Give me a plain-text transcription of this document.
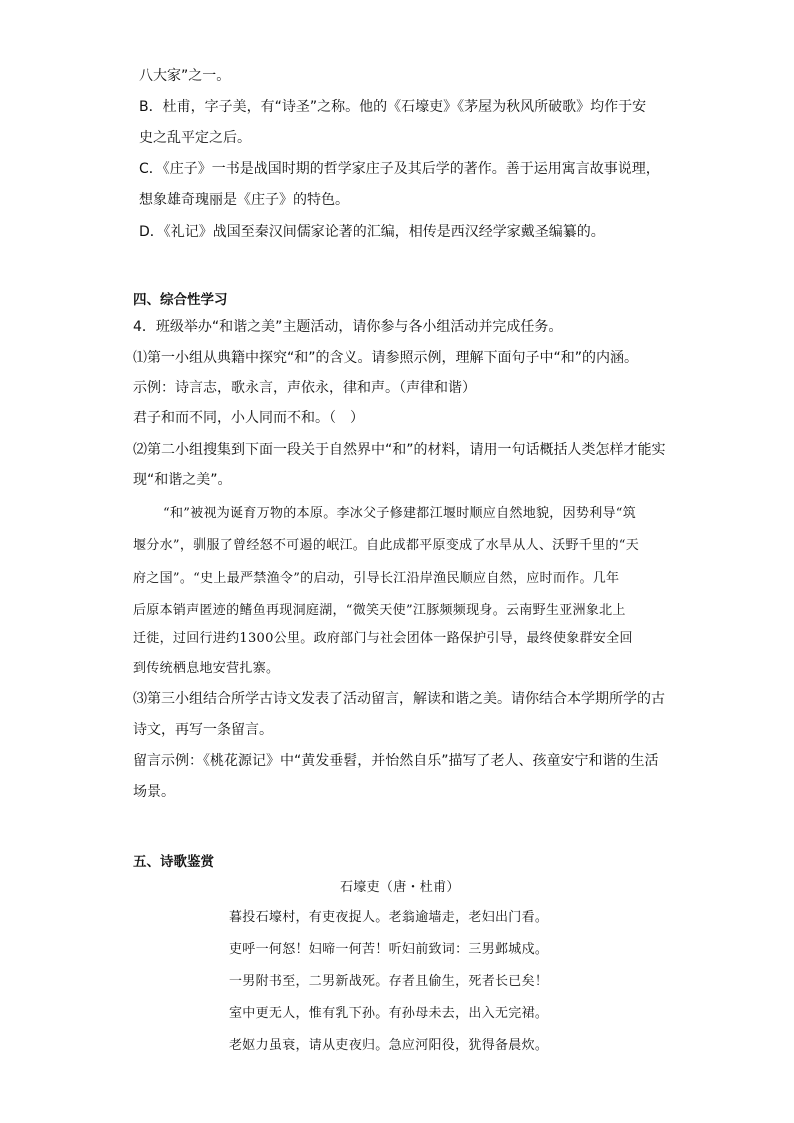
八大家”之一。
B．杜甫，字子美，有“诗圣”之称。他的《石壕吏》《茅屋为秋风所破歌》均作于安
史之乱平定之后。
C．《庄子》一书是战国时期的哲学家庄子及其后学的著作。善于运用寓言故事说理，
想象雄奇瑰丽是《庄子》的特色。
D．《礼记》战国至秦汉间儒家论著的汇编，相传是西汉经学家戴圣编纂的。
四、综合性学习
4．班级举办“和谐之美”主题活动，请你参与各小组活动并完成任务。
⑴第一小组从典籍中探究“和”的含义。请参照示例，理解下面句子中“和”的内涵。
示例：诗言志，歌永言，声依永，律和声。（声律和谐）
君子和而不同，小人同而不和。（　）
⑵第二小组搜集到下面一段关于自然界中“和”的材料，请用一句话概括人类怎样才能实
现“和谐之美”。
“和”被视为诞育万物的本原。李冰父子修建都江堰时顺应自然地貌，因势利导“筑
堰分水”，驯服了曾经怒不可遏的岷江。自此成都平原变成了水旱从人、沃野千里的“天
府之国”。“史上最严禁渔令”的启动，引导长江沿岸渔民顺应自然，应时而作。几年
后原本销声匿迹的鳍鱼再现洞庭湖，“微笑天使”江豚频频现身。云南野生亚洲象北上
迁徙，过回行进约1300公里。政府部门与社会团体一路保护引导，最终使象群安全回
到传统栖息地安营扎寨。
⑶第三小组结合所学古诗文发表了活动留言，解读和谐之美。请你结合本学期所学的古
诗文，再写一条留言。
留言示例：《桃花源记》中“黄发垂髫，并怡然自乐”描写了老人、孩童安宁和谐的生活
场景。
五、诗歌鉴赏
石壕吏（唐・杜甫）
暮投石壕村，有吏夜捉人。老翁逾墙走，老妇出门看。
吏呼一何怒！妇啼一何苦！听妇前致词：三男邺城戍。
一男附书至，二男新战死。存者且偷生，死者长已矣！
室中更无人，惟有乳下孙。有孙母未去，出入无完裙。
老妪力虽衰，请从吏夜归。急应河阳役，犹得备晨炊。
